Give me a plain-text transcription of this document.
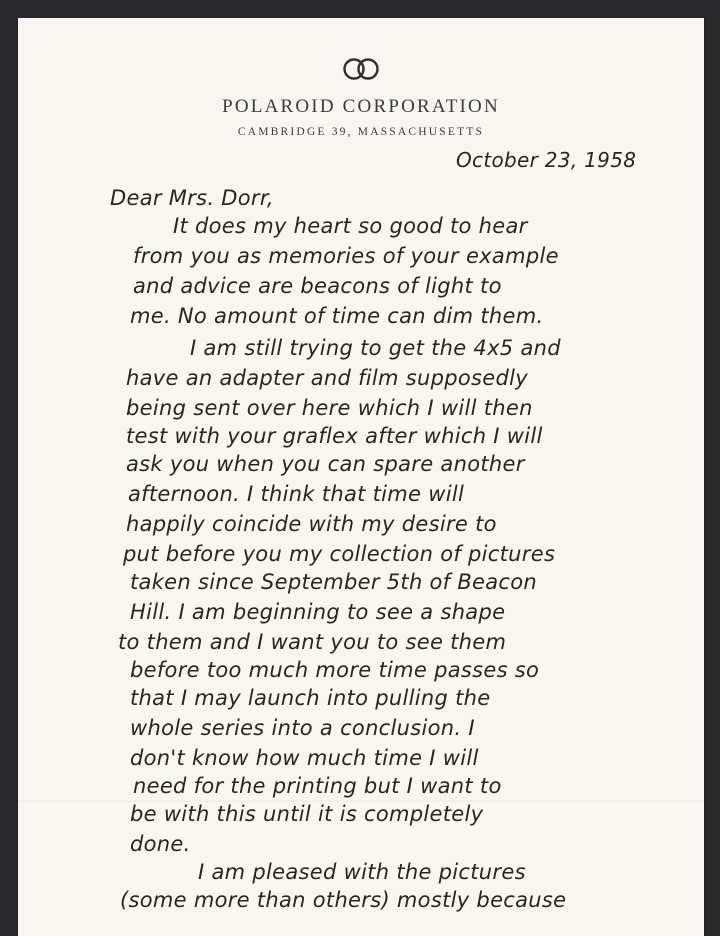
POLAROID CORPORATION
CAMBRIDGE 39, MASSACHUSETTS
October 23, 1958
Dear Mrs. Dorr,
It does my heart so good to hear
from you as memories of your example
and advice are beacons of light to
me. No amount of time can dim them.
I am still trying to get the 4x5 and
have an adapter and film supposedly
being sent over here which I will then
test with your graflex after which I will
ask you when you can spare another
afternoon. I think that time will
happily coincide with my desire to
put before you my collection of pictures
taken since September 5th of Beacon
Hill. I am beginning to see a shape
to them and I want you to see them
before too much more time passes so
that I may launch into pulling the
whole series into a conclusion. I
don't know how much time I will
need for the printing but I want to
be with this until it is completely
done.
I am pleased with the pictures
(some more than others) mostly because
